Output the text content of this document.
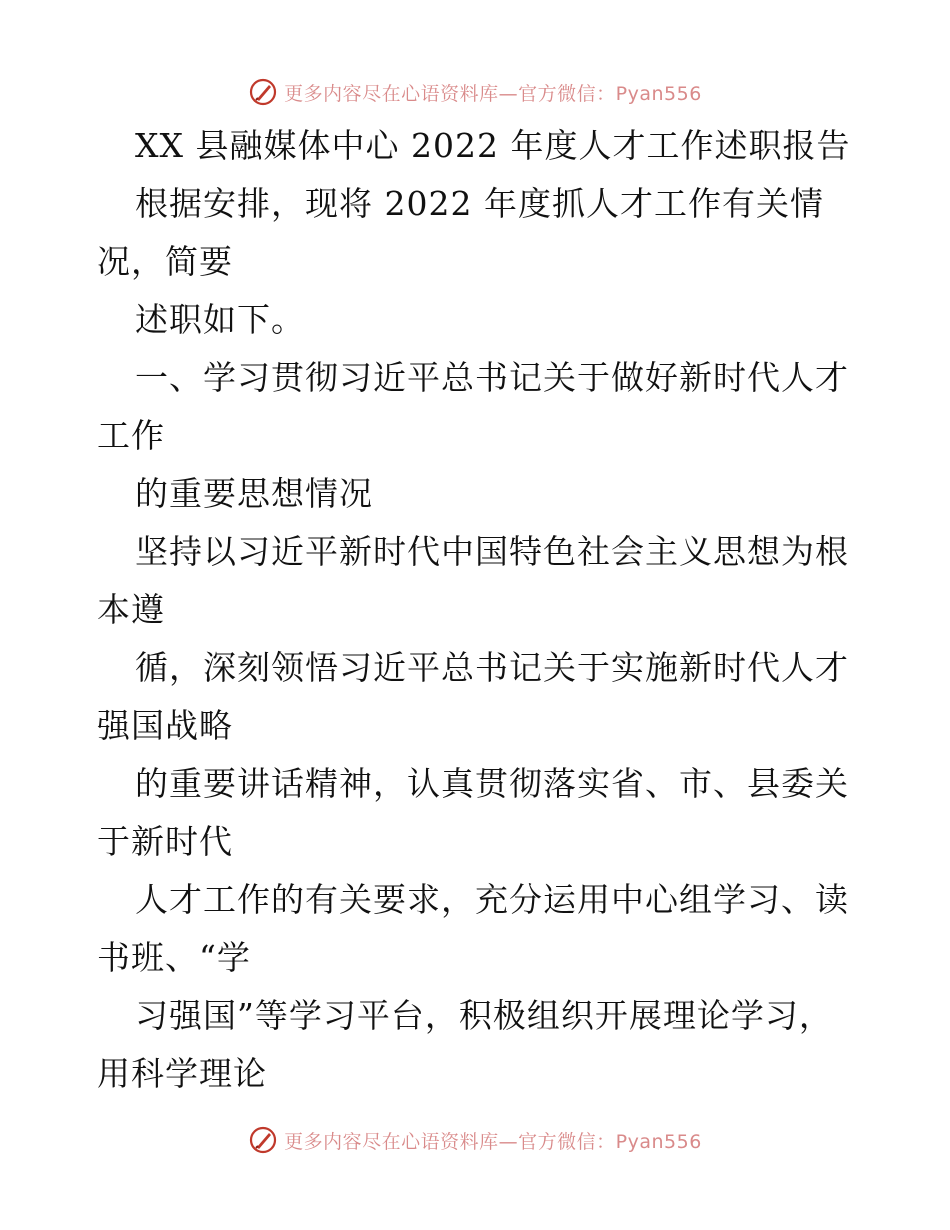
更多内容尽在心语资料库—官方微信：Pyan556
XX 县融媒体中心 2022 年度人才工作述职报告
根据安排，现将 2022 年度抓人才工作有关情
况，简要
述职如下。
一、学习贯彻习近平总书记关于做好新时代人才
工作
的重要思想情况
坚持以习近平新时代中国特色社会主义思想为根
本遵
循，深刻领悟习近平总书记关于实施新时代人才
强国战略
的重要讲话精神，认真贯彻落实省、市、县委关
于新时代
人才工作的有关要求，充分运用中心组学习、读
书班、“学
习强国”等学习平台，积极组织开展理论学习，
用科学理论
更多内容尽在心语资料库—官方微信：Pyan556
